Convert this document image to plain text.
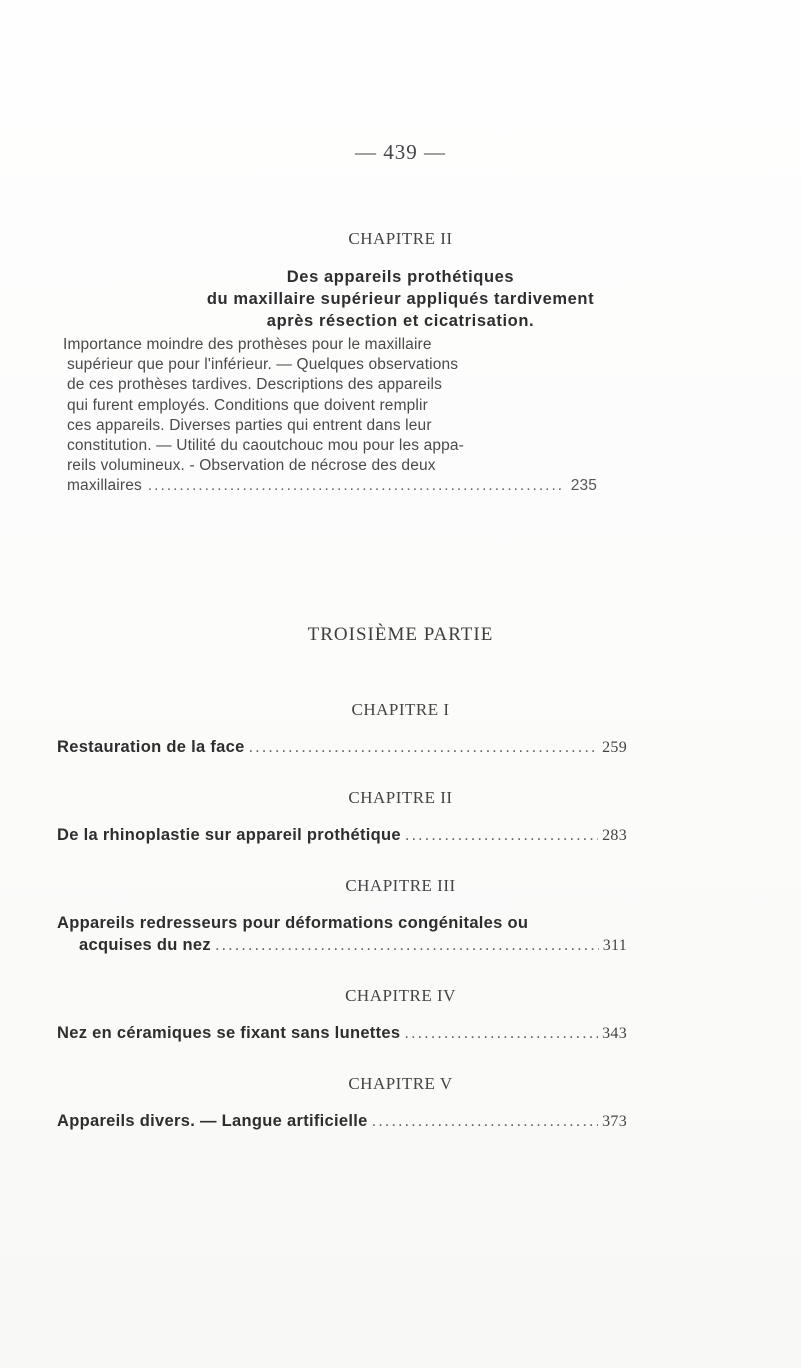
— 439 —
CHAPITRE II
Des appareils prothétiques
du maxillaire supérieur appliqués tardivement
après résection et cicatrisation.
Importance moindre des prothèses pour le maxillaire
supérieur que pour l'inférieur. — Quelques observations
de ces prothèses tardives. Descriptions des appareils
qui furent employés. Conditions que doivent remplir
ces appareils. Diverses parties qui entrent dans leur
constitution. — Utilité du caoutchouc mou pour les appa-
reils volumineux. - Observation de nécrose des deux
maxillaires .....	235
TROISIÈME PARTIE
CHAPITRE I
Restauration de la face .....	259
CHAPITRE II
De la rhinoplastie sur appareil prothétique .....	283
CHAPITRE III
Appareils redresseurs pour déformations congénitales ou
acquises du nez .....	311
CHAPITRE IV
Nez en céramiques se fixant sans lunettes .....	343
CHAPITRE V
Appareils divers. — Langue artificielle .....	373
